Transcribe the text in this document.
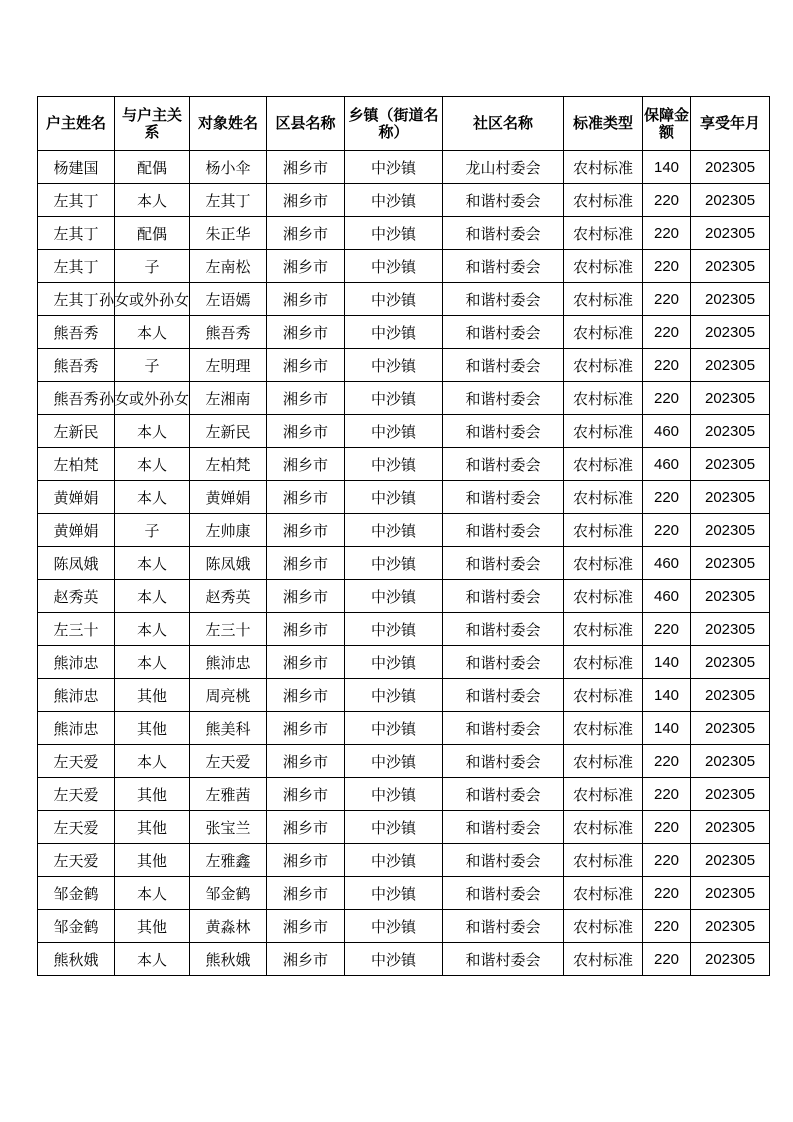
户主姓名	与户主关系	对象姓名	区县名称	乡镇（街道名称）	社区名称	标准类型	保障金额	享受年月
杨建国	配偶	杨小伞	湘乡市	中沙镇	龙山村委会	农村标准	140	202305
左其丁	本人	左其丁	湘乡市	中沙镇	和谐村委会	农村标准	220	202305
左其丁	配偶	朱正华	湘乡市	中沙镇	和谐村委会	农村标准	220	202305
左其丁	子	左南松	湘乡市	中沙镇	和谐村委会	农村标准	220	202305
左其丁	孙女或外孙女	左语嫣	湘乡市	中沙镇	和谐村委会	农村标准	220	202305
熊吾秀	本人	熊吾秀	湘乡市	中沙镇	和谐村委会	农村标准	220	202305
熊吾秀	子	左明理	湘乡市	中沙镇	和谐村委会	农村标准	220	202305
熊吾秀	孙女或外孙女	左湘南	湘乡市	中沙镇	和谐村委会	农村标准	220	202305
左新民	本人	左新民	湘乡市	中沙镇	和谐村委会	农村标准	460	202305
左柏梵	本人	左柏梵	湘乡市	中沙镇	和谐村委会	农村标准	460	202305
黄婵娟	本人	黄婵娟	湘乡市	中沙镇	和谐村委会	农村标准	220	202305
黄婵娟	子	左帅康	湘乡市	中沙镇	和谐村委会	农村标准	220	202305
陈凤娥	本人	陈凤娥	湘乡市	中沙镇	和谐村委会	农村标准	460	202305
赵秀英	本人	赵秀英	湘乡市	中沙镇	和谐村委会	农村标准	460	202305
左三十	本人	左三十	湘乡市	中沙镇	和谐村委会	农村标准	220	202305
熊沛忠	本人	熊沛忠	湘乡市	中沙镇	和谐村委会	农村标准	140	202305
熊沛忠	其他	周亮桃	湘乡市	中沙镇	和谐村委会	农村标准	140	202305
熊沛忠	其他	熊美科	湘乡市	中沙镇	和谐村委会	农村标准	140	202305
左天爱	本人	左天爱	湘乡市	中沙镇	和谐村委会	农村标准	220	202305
左天爱	其他	左雅茜	湘乡市	中沙镇	和谐村委会	农村标准	220	202305
左天爱	其他	张宝兰	湘乡市	中沙镇	和谐村委会	农村标准	220	202305
左天爱	其他	左雅鑫	湘乡市	中沙镇	和谐村委会	农村标准	220	202305
邹金鹤	本人	邹金鹤	湘乡市	中沙镇	和谐村委会	农村标准	220	202305
邹金鹤	其他	黄淼林	湘乡市	中沙镇	和谐村委会	农村标准	220	202305
熊秋娥	本人	熊秋娥	湘乡市	中沙镇	和谐村委会	农村标准	220	202305
